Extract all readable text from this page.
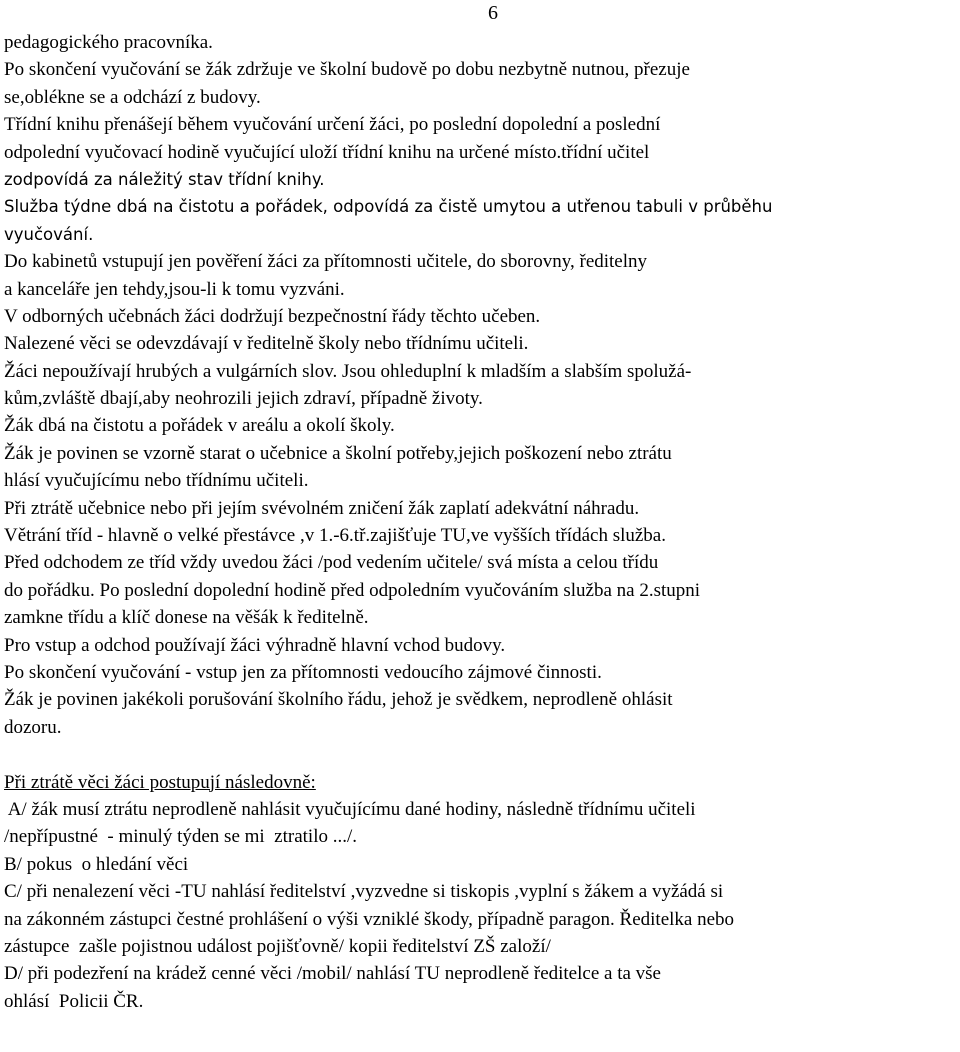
6
pedagogického pracovníka.
Po skončení vyučování se žák zdržuje ve školní budově po dobu nezbytně nutnou, přezuje
se,oblékne se a odchází z budovy.
Třídní knihu přenášejí během vyučování určení žáci, po poslední dopolední a poslední
odpolední vyučovací hodině vyučující uloží třídní knihu na určené místo.třídní učitel
zodpovídá za náležitý stav třídní knihy.
Služba týdne dbá na čistotu a pořádek, odpovídá za čistě umytou a utřenou tabuli v průběhu
vyučování.
Do kabinetů vstupují jen pověření žáci za přítomnosti učitele, do sborovny, ředitelny
a kanceláře jen tehdy,jsou-li k tomu vyzváni.
V odborných učebnách žáci dodržují bezpečnostní řády těchto učeben.
Nalezené věci se odevzdávají v ředitelně školy nebo třídnímu učiteli.
Žáci nepoužívají hrubých a vulgárních slov. Jsou ohleduplní k mladším a slabším spolužá-
kům,zvláště dbají,aby neohrozili jejich zdraví, případně životy.
Žák dbá na čistotu a pořádek v areálu a okolí školy.
Žák je povinen se vzorně starat o učebnice a školní potřeby,jejich poškození nebo ztrátu
hlásí vyučujícímu nebo třídnímu učiteli.
Při ztrátě učebnice nebo při jejím svévolném zničení žák zaplatí adekvátní náhradu.
Větrání tříd - hlavně o velké přestávce ,v 1.-6.tř.zajišťuje TU,ve vyšších třídách služba.
Před odchodem ze tříd vždy uvedou žáci /pod vedením učitele/ svá místa a celou třídu
do pořádku. Po poslední dopolední hodině před odpoledním vyučováním služba na 2.stupni
zamkne třídu a klíč donese na věšák k ředitelně.
Pro vstup a odchod používají žáci výhradně hlavní vchod budovy.
Po skončení vyučování - vstup jen za přítomnosti vedoucího zájmové činnosti.
Žák je povinen jakékoli porušování školního řádu, jehož je svědkem, neprodleně ohlásit
dozoru.
Při ztrátě věci žáci postupují následovně:
A/ žák musí ztrátu neprodleně nahlásit vyučujícímu dané hodiny, následně třídnímu učiteli
/nepřípustné  - minulý týden se mi  ztratilo .../.
B/ pokus  o hledání věci
C/ při nenalezení věci -TU nahlásí ředitelství ,vyzvedne si tiskopis ,vyplní s žákem a vyžádá si
na zákonném zástupci čestné prohlášení o výši vzniklé škody, případně paragon. Ředitelka nebo
zástupce  zašle pojistnou událost pojišťovně/ kopii ředitelství ZŠ založí/
D/ při podezření na krádež cenné věci /mobil/ nahlásí TU neprodleně ředitelce a ta vše
ohlásí  Policii ČR.
